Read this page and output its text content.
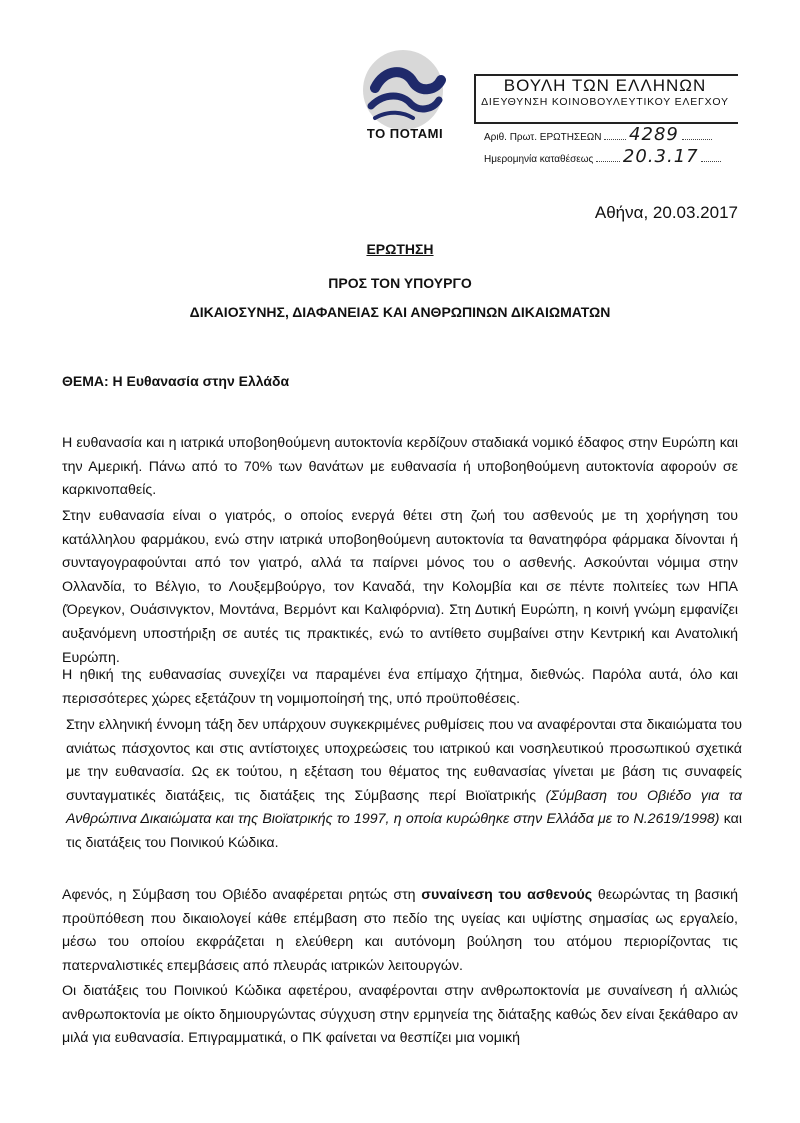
ΤΟ ΠΟΤΑΜΙ
ΒΟΥΛΗ ΤΩΝ ΕΛΛΗΝΩΝ
ΔΙΕΥΘΥΝΣΗ ΚΟΙΝΟΒΟΥΛΕΥΤΙΚΟΥ ΕΛΕΓΧΟΥ
Αριθ. Πρωτ. ΕΡΩΤΗΣΕΩΝ 4289
Ημερομηνία καταθέσεως 20.3.17
Αθήνα, 20.03.2017
ΕΡΩΤΗΣΗ
ΠΡΟΣ ΤΟΝ ΥΠΟΥΡΓΟ
ΔΙΚΑΙΟΣΥΝΗΣ, ΔΙΑΦΑΝΕΙΑΣ ΚΑΙ ΑΝΘΡΩΠΙΝΩΝ ΔΙΚΑΙΩΜΑΤΩΝ
ΘΕΜΑ: Η Ευθανασία στην Ελλάδα

Η ευθανασία και η ιατρικά υποβοηθούμενη αυτοκτονία κερδίζουν σταδιακά νομικό έδαφος στην Ευρώπη και την Αμερική. Πάνω από το 70% των θανάτων με ευθανασία ή υποβοηθούμενη αυτοκτονία αφορούν σε καρκινοπαθείς.

Στην ευθανασία είναι ο γιατρός, ο οποίος ενεργά θέτει στη ζωή του ασθενούς με τη χορήγηση του κατάλληλου φαρμάκου, ενώ στην ιατρικά υποβοηθούμενη αυτοκτονία τα θανατηφόρα φάρμακα δίνονται ή συνταγογραφούνται από τον γιατρό, αλλά τα παίρνει μόνος του ο ασθενής. Ασκούνται νόμιμα στην Ολλανδία, το Βέλγιο, το Λουξεμβούργο, τον Καναδά, την Κολομβία και σε πέντε πολιτείες των ΗΠΑ (Όρεγκον, Ουάσινγκτον, Μοντάνα, Βερμόντ και Καλιφόρνια). Στη Δυτική Ευρώπη, η κοινή γνώμη εμφανίζει αυξανόμενη υποστήριξη σε αυτές τις πρακτικές, ενώ το αντίθετο συμβαίνει στην Κεντρική και Ανατολική Ευρώπη.

Η ηθική της ευθανασίας συνεχίζει να παραμένει ένα επίμαχο ζήτημα, διεθνώς. Παρόλα αυτά, όλο και περισσότερες χώρες εξετάζουν τη νομιμοποίησή της, υπό προϋποθέσεις.

Στην ελληνική έννομη τάξη δεν υπάρχουν συγκεκριμένες ρυθμίσεις που να αναφέρονται στα δικαιώματα του ανιάτως πάσχοντος και στις αντίστοιχες υποχρεώσεις του ιατρικού και νοσηλευτικού προσωπικού σχετικά με την ευθανασία. Ως εκ τούτου, η εξέταση του θέματος της ευθανασίας γίνεται με βάση τις συναφείς συνταγματικές διατάξεις, τις διατάξεις της Σύμβασης περί Βιοϊατρικής (Σύμβαση του Οβιέδο για τα Ανθρώπινα Δικαιώματα και της Βιοϊατρικής το 1997, η οποία κυρώθηκε στην Ελλάδα με το Ν.2619/1998) και τις διατάξεις του Ποινικού Κώδικα.

Αφενός, η Σύμβαση του Οβιέδο αναφέρεται ρητώς στη συναίνεση του ασθενούς θεωρώντας τη βασική προϋπόθεση που δικαιολογεί κάθε επέμβαση στο πεδίο της υγείας και υψίστης σημασίας ως εργαλείο, μέσω του οποίου εκφράζεται η ελεύθερη και αυτόνομη βούληση του ατόμου περιορίζοντας τις πατερναλιστικές επεμβάσεις από πλευράς ιατρικών λειτουργών.

Οι διατάξεις του Ποινικού Κώδικα αφετέρου, αναφέρονται στην ανθρωποκτονία με συναίνεση ή αλλιώς ανθρωποκτονία με οίκτο δημιουργώντας σύγχυση στην ερμηνεία της διάταξης καθώς δεν είναι ξεκάθαρο αν μιλά για ευθανασία. Επιγραμματικά, ο ΠΚ φαίνεται να θεσπίζει μια νομική
